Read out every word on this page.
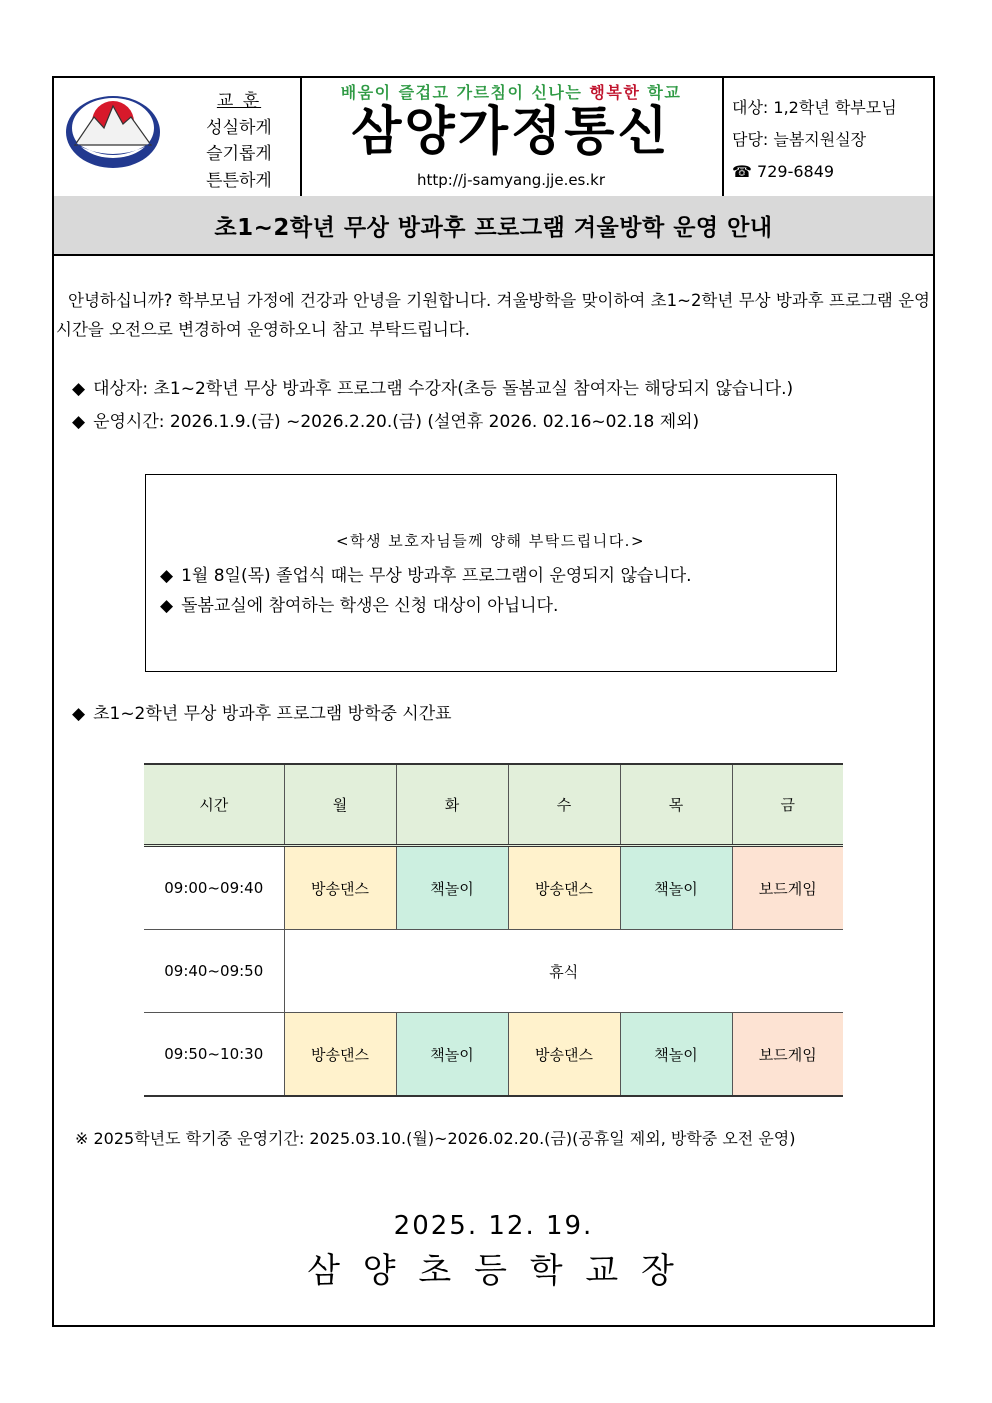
교 훈
성실하게
슬기롭게
튼튼하게
배움이 즐겁고 가르침이 신나는 행복한 학교
삼양가정통신
http://j-samyang.jje.es.kr
대상: 1,2학년 학부모님
담당: 늘봄지원실장
☎ 729-6849
초1~2학년 무상 방과후 프로그램 겨울방학 운영 안내
안녕하십니까? 학부모님 가정에 건강과 안녕을 기원합니다. 겨울방학을 맞이하여 초1~2학년 무상 방과후 프로그램 운영 시간을 오전으로 변경하여 운영하오니 참고 부탁드립니다.
◆ 대상자: 초1~2학년 무상 방과후 프로그램 수강자(초등 돌봄교실 참여자는 해당되지 않습니다.)
◆ 운영시간: 2026.1.9.(금) ~2026.2.20.(금) (설연휴 2026. 02.16~02.18 제외)
<학생 보호자님들께 양해 부탁드립니다.>
◆ 1월 8일(목) 졸업식 때는 무상 방과후 프로그램이 운영되지 않습니다.
◆ 돌봄교실에 참여하는 학생은 신청 대상이 아닙니다.
◆ 초1~2학년 무상 방과후 프로그램 방학중 시간표
시간	월	화	수	목	금
09:00~09:40	방송댄스	책놀이	방송댄스	책놀이	보드게임
09:40~09:50	휴식				
09:50~10:30	방송댄스	책놀이	방송댄스	책놀이	보드게임
※ 2025학년도 학기중 운영기간: 2025.03.10.(월)~2026.02.20.(금)(공휴일 제외, 방학중 오전 운영)
2025. 12. 19.
삼 양 초 등 학 교 장
